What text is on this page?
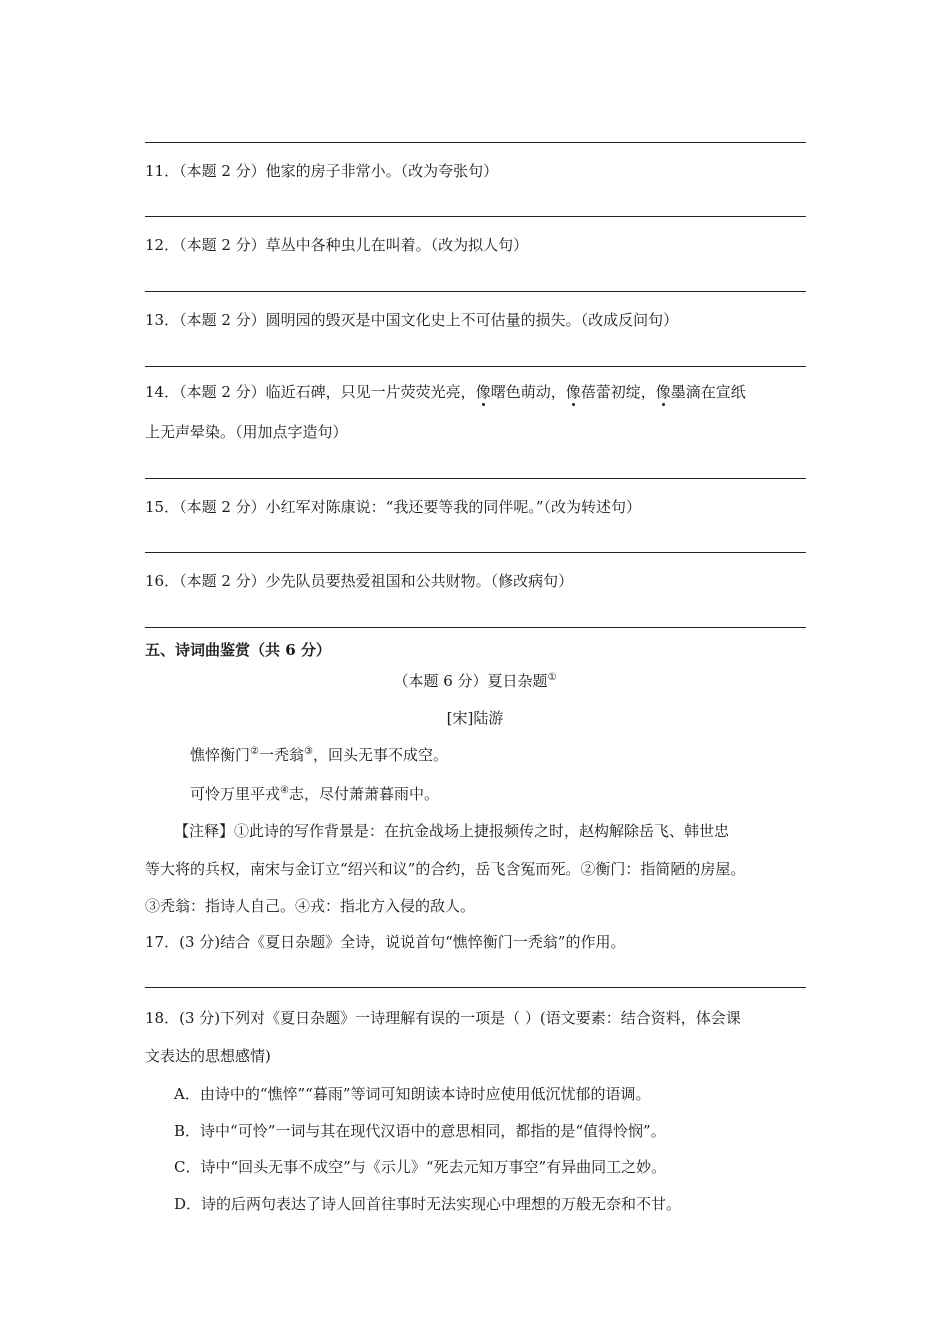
11．（本题 2 分）他家的房子非常小。（改为夸张句）
12．（本题 2 分）草丛中各种虫儿在叫着。（改为拟人句）
13．（本题 2 分）圆明园的毁灭是中国文化史上不可估量的损失。（改成反问句）
14．（本题 2 分）临近石碑，只见一片荧荧光亮，像曙色萌动，像蓓蕾初绽，像墨滴在宣纸
上无声晕染。（用加点字造句）
15．（本题 2 分）小红军对陈康说：“我还要等我的同伴呢。”（改为转述句）
16．（本题 2 分）少先队员要热爱祖国和公共财物。（修改病句）
五、诗词曲鉴赏（共 6 分）
（本题 6 分）夏日杂题①
[宋]陆游
憔悴衡门②一秃翁③，回头无事不成空。
可怜万里平戎④志，尽付萧萧暮雨中。
【注释】①此诗的写作背景是：在抗金战场上捷报频传之时，赵构解除岳飞、韩世忠
等大将的兵权，南宋与金订立“绍兴和议”的合约，岳飞含冤而死。②衡门：指简陋的房屋。
③秃翁：指诗人自己。④戎：指北方入侵的敌人。
17．(3 分)结合《夏日杂题》全诗，说说首句“憔悴衡门一秃翁”的作用。
18．(3 分)下列对《夏日杂题》一诗理解有误的一项是（ ）(语文要素：结合资料，体会课
文表达的思想感情)
A．由诗中的“憔悴”“暮雨”等词可知朗读本诗时应使用低沉忧郁的语调。
B．诗中“可怜”一词与其在现代汉语中的意思相同，都指的是“值得怜悯”。
C．诗中“回头无事不成空”与《示儿》“死去元知万事空”有异曲同工之妙。
D．诗的后两句表达了诗人回首往事时无法实现心中理想的万般无奈和不甘。
